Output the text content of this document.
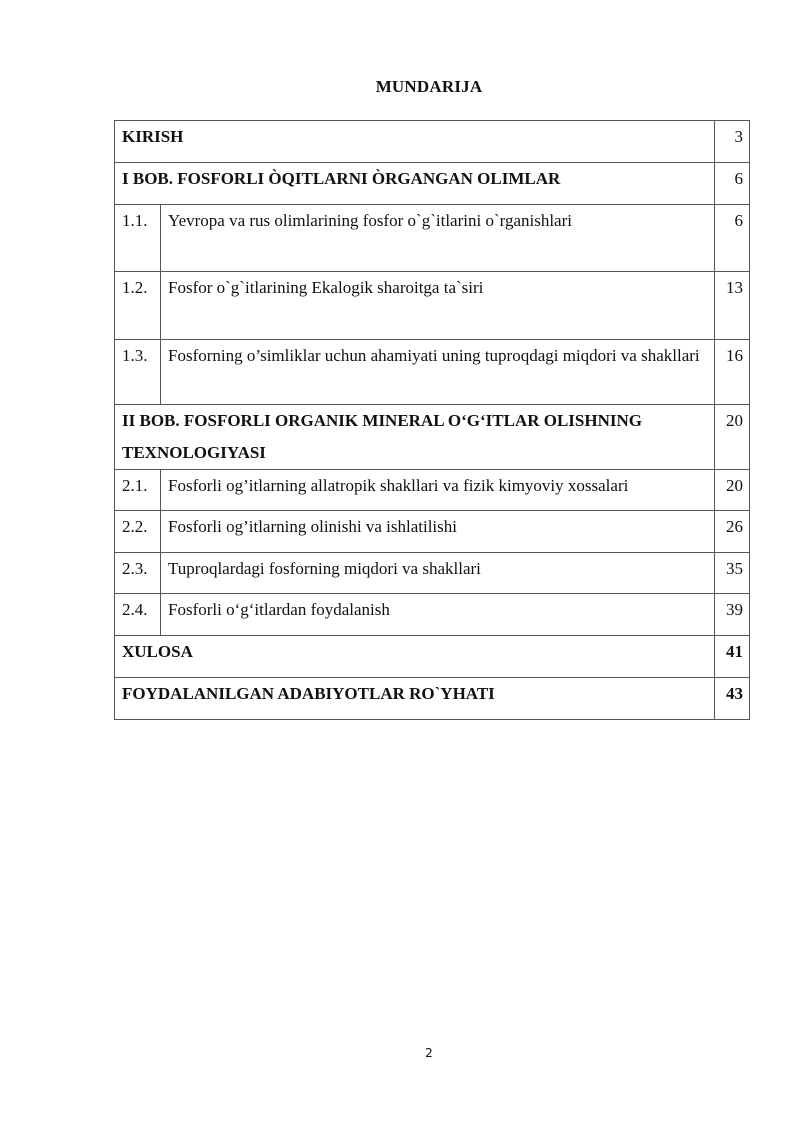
MUNDARIJA
KIRISH		3
I BOB. FOSFORLI ÒQITLARNI ÒRGANGAN OLIMLAR		6
1.1.	Yevropa va rus olimlarining fosfor o`g`itlarini o`rganishlari	6
1.2.	Fosfor o`g`itlarining Ekalogik sharoitga ta`siri	13
1.3.	Fosforning o’simliklar uchun ahamiyati uning tuproqdagi miqdori va shakllari	16
II BOB. FOSFORLI ORGANIK MINERAL O‘G‘ITLAR OLISHNING TEXNOLOGIYASI		20
2.1.	Fosforli og’itlarning allatropik shakllari va fizik kimyoviy xossalari	20
2.2.	Fosforli og’itlarning olinishi va ishlatilishi	26
2.3.	Tuproqlardagi fosforning miqdori va shakllari	35
2.4.	Fosforli o‘g‘itlardan foydalanish	39
XULOSA		41
FOYDALANILGAN ADABIYOTLAR RO`YHATI		43
2
